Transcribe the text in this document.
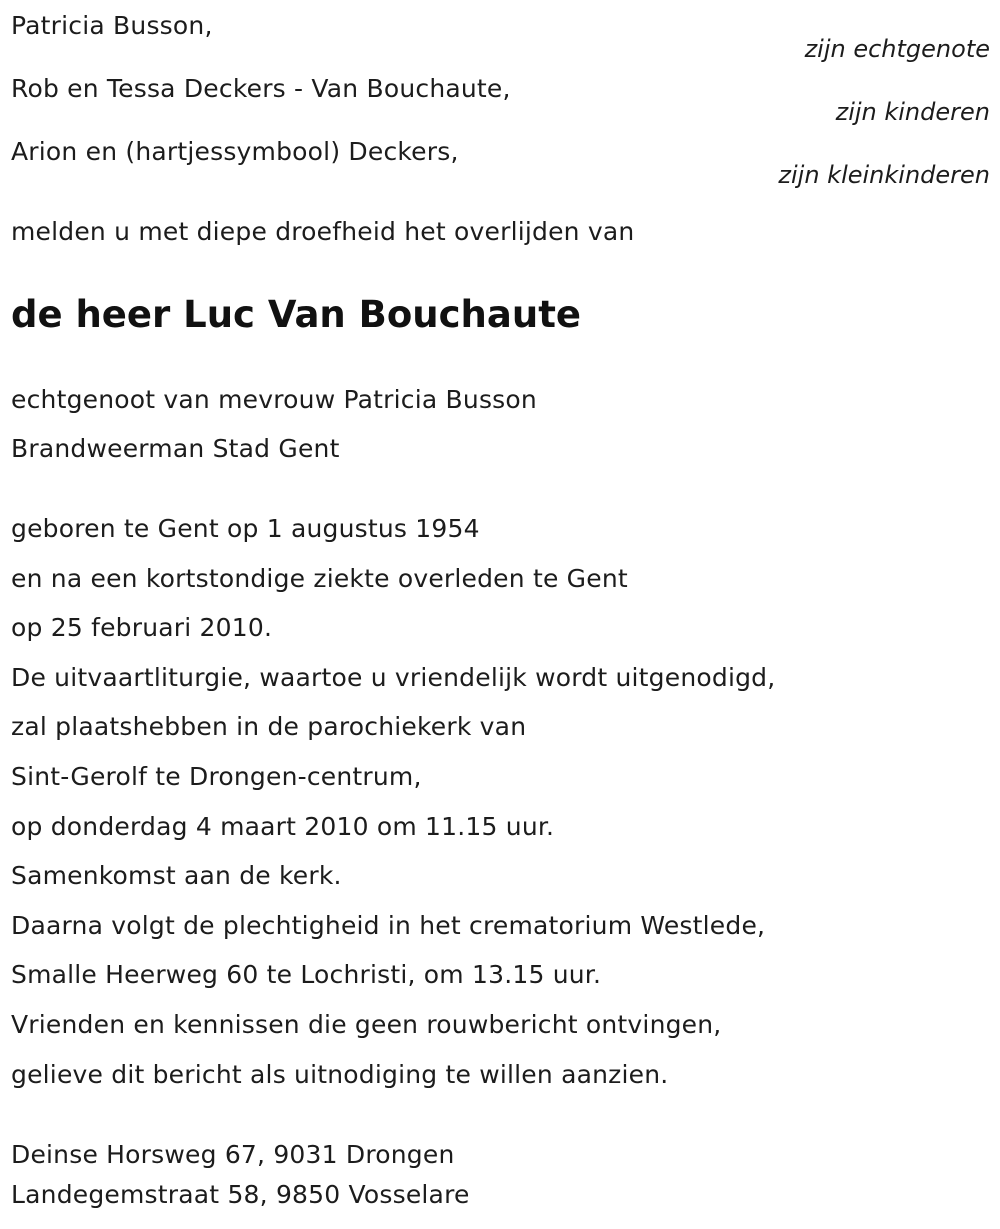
Patricia Busson,
zijn echtgenote
Rob en Tessa Deckers - Van Bouchaute,
zijn kinderen
Arion en (hartjessymbool) Deckers,
zijn kleinkinderen
melden u met diepe droefheid het overlijden van
de heer Luc Van Bouchaute
echtgenoot van mevrouw Patricia Busson
Brandweerman Stad Gent
geboren te Gent op 1 augustus 1954
en na een kortstondige ziekte overleden te Gent
op 25 februari 2010.
De uitvaartliturgie, waartoe u vriendelijk wordt uitgenodigd,
zal plaatshebben in de parochiekerk van
Sint-Gerolf te Drongen-centrum,
op donderdag 4 maart 2010 om 11.15 uur.
Samenkomst aan de kerk.
Daarna volgt de plechtigheid in het crematorium Westlede,
Smalle Heerweg 60 te Lochristi, om 13.15 uur.
Vrienden en kennissen die geen rouwbericht ontvingen,
gelieve dit bericht als uitnodiging te willen aanzien.
Deinse Horsweg 67, 9031 Drongen
Landegemstraat 58, 9850 Vosselare
